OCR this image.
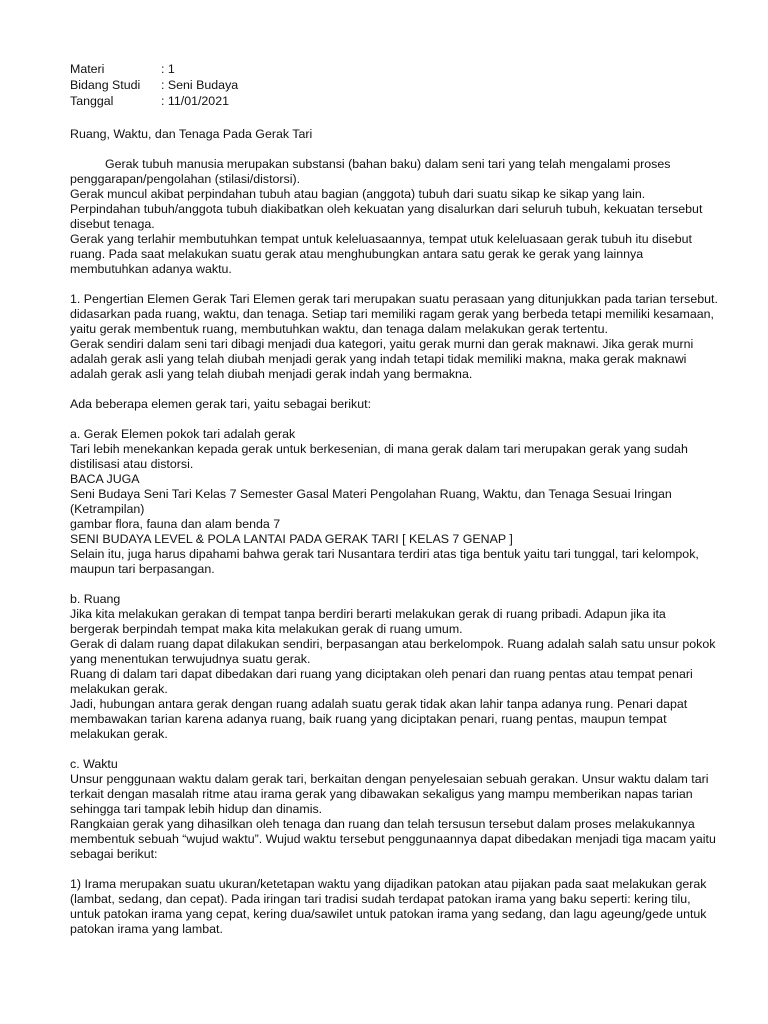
Materi	: 1
Bidang Studi	: Seni Budaya
Tanggal	: 11/01/2021
Ruang, Waktu, dan Tenaga Pada Gerak Tari

Gerak tubuh manusia merupakan substansi (bahan baku) dalam seni tari yang telah mengalami proses penggarapan/pengolahan (stilasi/distorsi).

Gerak muncul akibat perpindahan tubuh atau bagian (anggota) tubuh dari suatu sikap ke sikap yang lain.

Perpindahan tubuh/anggota tubuh diakibatkan oleh kekuatan yang disalurkan dari seluruh tubuh, kekuatan tersebut disebut tenaga.

Gerak yang terlahir membutuhkan tempat untuk keleluasaannya, tempat utuk keleluasaan gerak tubuh itu disebut ruang. Pada saat melakukan suatu gerak atau menghubungkan antara satu gerak ke gerak yang lainnya membutuhkan adanya waktu.

1. Pengertian Elemen Gerak Tari Elemen gerak tari merupakan suatu perasaan yang ditunjukkan pada tarian tersebut. didasarkan pada ruang, waktu, dan tenaga. Setiap tari memiliki ragam gerak yang berbeda tetapi memiliki kesamaan, yaitu gerak membentuk ruang, membutuhkan waktu, dan tenaga dalam melakukan gerak tertentu.

Gerak sendiri dalam seni tari dibagi menjadi dua kategori, yaitu gerak murni dan gerak maknawi. Jika gerak murni adalah gerak asli yang telah diubah menjadi gerak yang indah tetapi tidak memiliki makna, maka gerak maknawi adalah gerak asli yang telah diubah menjadi gerak indah yang bermakna.

Ada beberapa elemen gerak tari, yaitu sebagai berikut:

a. Gerak Elemen pokok tari adalah gerak

Tari lebih menekankan kepada gerak untuk berkesenian, di mana gerak dalam tari merupakan gerak yang sudah distilisasi atau distorsi.

BACA JUGA

Seni Budaya Seni Tari Kelas 7 Semester Gasal Materi Pengolahan Ruang, Waktu, dan Tenaga Sesuai Iringan (Ketrampilan)

gambar flora, fauna dan alam benda 7

SENI BUDAYA LEVEL & POLA LANTAI PADA GERAK TARI [ KELAS 7 GENAP ]

Selain itu, juga harus dipahami bahwa gerak tari Nusantara terdiri atas tiga bentuk yaitu tari tunggal, tari kelompok, maupun tari berpasangan.

b. Ruang

Jika kita melakukan gerakan di tempat tanpa berdiri berarti melakukan gerak di ruang pribadi. Adapun jika ita bergerak berpindah tempat maka kita melakukan gerak di ruang umum.

Gerak di dalam ruang dapat dilakukan sendiri, berpasangan atau berkelompok. Ruang adalah salah satu unsur pokok yang menentukan terwujudnya suatu gerak.

Ruang di dalam tari dapat dibedakan dari ruang yang diciptakan oleh penari dan ruang pentas atau tempat penari melakukan gerak.

Jadi, hubungan antara gerak dengan ruang adalah suatu gerak tidak akan lahir tanpa adanya rung. Penari dapat membawakan tarian karena adanya ruang, baik ruang yang diciptakan penari, ruang pentas, maupun tempat melakukan gerak.

c. Waktu

Unsur penggunaan waktu dalam gerak tari, berkaitan dengan penyelesaian sebuah gerakan. Unsur waktu dalam tari terkait dengan masalah ritme atau irama gerak yang dibawakan sekaligus yang mampu memberikan napas tarian sehingga tari tampak lebih hidup dan dinamis.

Rangkaian gerak yang dihasilkan oleh tenaga dan ruang dan telah tersusun tersebut dalam proses melakukannya membentuk sebuah “wujud waktu”. Wujud waktu tersebut penggunaannya dapat dibedakan menjadi tiga macam yaitu sebagai berikut:

1) Irama merupakan suatu ukuran/ketetapan waktu yang dijadikan patokan atau pijakan pada saat melakukan gerak (lambat, sedang, dan cepat). Pada iringan tari tradisi sudah terdapat patokan irama yang baku seperti: kering tilu, untuk patokan irama yang cepat, kering dua/sawilet untuk patokan irama yang sedang, dan lagu ageung/gede untuk patokan irama yang lambat.
